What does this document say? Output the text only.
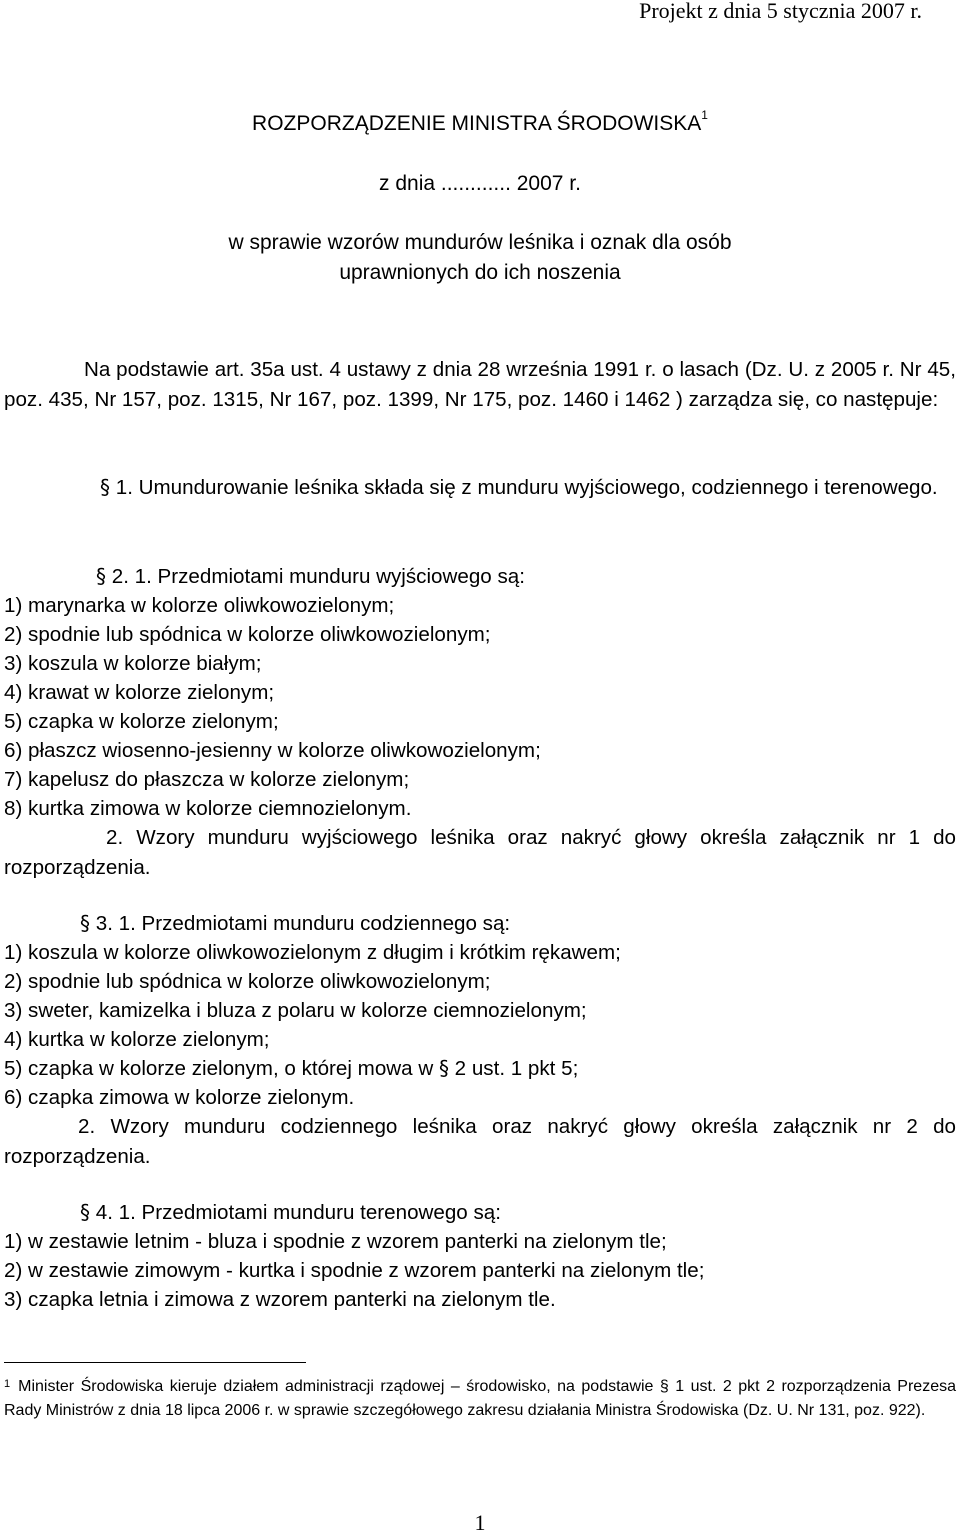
Projekt z dnia 5 stycznia 2007 r.
ROZPORZĄDZENIE MINISTRA ŚRODOWISKA$^1$
z dnia ............ 2007 r.
w sprawie wzorów mundurów leśnika i oznak dla osób uprawnionych do ich noszenia
Na podstawie art. 35a ust. 4 ustawy z dnia 28 września 1991 r. o lasach (Dz. U. z 2005 r. Nr 45, poz. 435, Nr 157, poz. 1315, Nr 167, poz. 1399, Nr 175, poz. 1460 i 1462 ) zarządza się, co następuje:
§ 1. Umundurowanie leśnika składa się z munduru wyjściowego, codziennego i terenowego.
§ 2. 1. Przedmiotami munduru wyjściowego są:
1) marynarka w kolorze oliwkowozielonym;
2) spodnie lub spódnica w kolorze oliwkowozielonym;
3) koszula w kolorze białym;
4) krawat w kolorze zielonym;
5) czapka w kolorze zielonym;
6) płaszcz wiosenno-jesienny w kolorze oliwkowozielonym;
7) kapelusz do płaszcza w kolorze zielonym;
8) kurtka zimowa w kolorze ciemnozielonym.
2. Wzory munduru wyjściowego leśnika oraz nakryć głowy określa załącznik nr 1 do rozporządzenia.
§ 3. 1. Przedmiotami munduru codziennego są:
1) koszula w kolorze oliwkowozielonym z długim i krótkim rękawem;
2) spodnie lub spódnica w kolorze oliwkowozielonym;
3) sweter, kamizelka i bluza z polaru w kolorze ciemnozielonym;
4) kurtka w kolorze zielonym;
5) czapka w kolorze zielonym, o której mowa w § 2 ust. 1 pkt 5;
6) czapka zimowa w kolorze zielonym.
2. Wzory munduru codziennego leśnika oraz nakryć głowy określa załącznik nr 2 do rozporządzenia.
§ 4. 1. Przedmiotami munduru terenowego są:
1) w zestawie letnim - bluza i spodnie z wzorem panterki na zielonym tle;
2) w zestawie zimowym - kurtka i spodnie z wzorem panterki na zielonym tle;
3) czapka letnia i zimowa z wzorem panterki na zielonym tle.
$^1$ Minister Środowiska kieruje działem administracji rządowej – środowisko, na podstawie § 1 ust. 2 pkt 2 rozporządzenia Prezesa Rady Ministrów z dnia 18 lipca 2006 r. w sprawie szczegółowego zakresu działania Ministra Środowiska (Dz. U. Nr 131, poz. 922).
1
